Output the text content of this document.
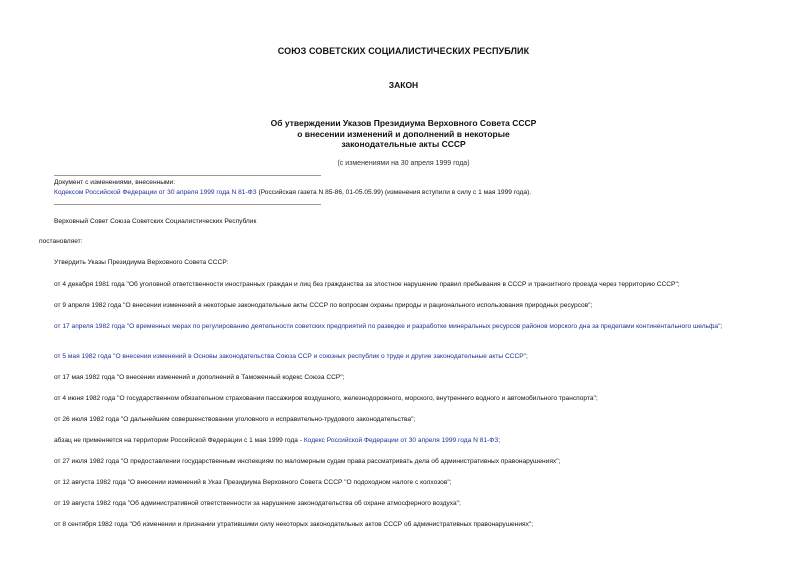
СОЮЗ СОВЕТСКИХ СОЦИАЛИСТИЧЕСКИХ РЕСПУБЛИК
ЗАКОН
Об утверждении Указов Президиума Верховного Совета СССР
о внесении изменений и дополнений в некоторые
законодательные акты СССР
(с изменениями на 30 апреля 1999 года)
Документ с изменениями, внесенными:
Кодексом Российской Федерации от 30 апреля 1999 года N 81-ФЗ (Российская газета N 85-86, 01-05.05.99) (изменения вступили в силу с 1 мая 1999 года).
Верховный Совет Союза Советских Социалистических Республик
постановляет:
Утвердить Указы Президиума Верховного Совета СССР:
от 4 декабря 1981 года "Об уголовной ответственности иностранных граждан и лиц без гражданства за злостное нарушение правил пребывания в СССР и транзитного проезда через территорию СССР";
от 9 апреля 1982 года "О внесении изменений в некоторые законодательные акты СССР по вопросам охраны природы и рационального использования природных ресурсов";
от 17 апреля 1982 года "О временных мерах по регулированию деятельности советских предприятий по разведке и разработке минеральных ресурсов районов морского дна за пределами континентального шельфа";
от 5 мая 1982 года "О внесении изменений в Основы законодательства Союза ССР и союзных республик о труде и другие законодательные акты СССР";
от 17 мая 1982 года "О внесении изменений и дополнений в Таможенный кодекс Союза ССР";
от 4 июня 1982 года "О государственном обязательном страховании пассажиров воздушного, железнодорожного, морского, внутреннего водного и автомобильного транспорта";
от 26 июля 1982 года "О дальнейшем совершенствовании уголовного и исправительно-трудового законодательства";
абзац не применяется на территории Российской Федерации с 1 мая 1999 года - Кодекс Российской Федерации от 30 апреля 1999 года N 81-ФЗ;
от 27 июля 1982 года "О предоставлении государственным инспекциям по маломерным судам права рассматривать дела об административных правонарушениях";
от 12 августа 1982 года "О внесении изменений в Указ Президиума Верховного Совета СССР "О подоходном налоге с колхозов";
от 19 августа 1982 года "Об административной ответственности за нарушение законодательства об охране атмосферного воздуха";
от 8 сентября 1982 года "Об изменении и признании утратившими силу некоторых законодательных актов СССР об административных правонарушениях";
